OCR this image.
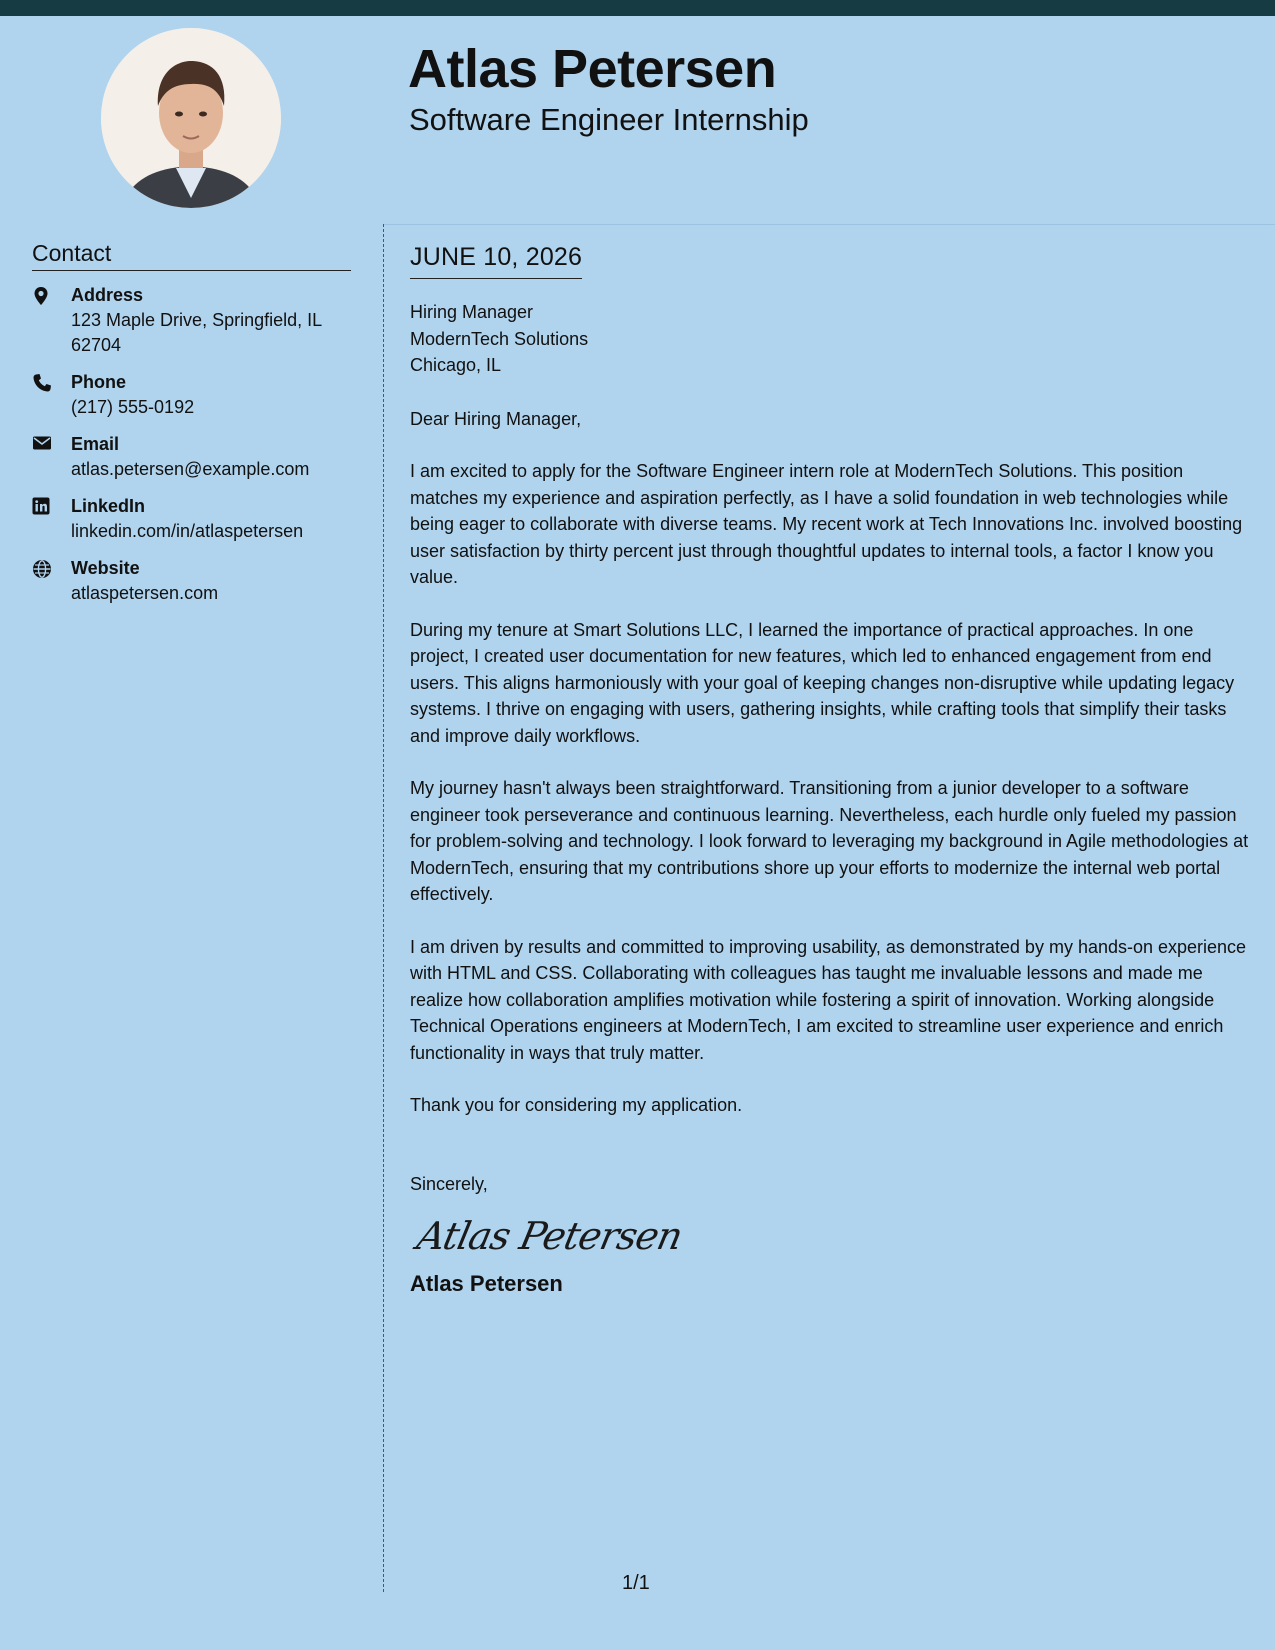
Atlas Petersen
Software Engineer Internship
Contact
Address
123 Maple Drive, Springfield, IL
62704
Phone
(217) 555-0192
Email
atlas.petersen@example.com
LinkedIn
linkedin.com/in/atlaspetersen
Website
atlaspetersen.com
JUNE 10, 2026
Hiring Manager
ModernTech Solutions
Chicago, IL
Dear Hiring Manager,
I am excited to apply for the Software Engineer intern role at ModernTech Solutions. This position matches my experience and aspiration perfectly, as I have a solid foundation in web technologies while being eager to collaborate with diverse teams. My recent work at Tech Innovations Inc. involved boosting user satisfaction by thirty percent just through thoughtful updates to internal tools, a factor I know you value.
During my tenure at Smart Solutions LLC, I learned the importance of practical approaches. In one project, I created user documentation for new features, which led to enhanced engagement from end users. This aligns harmoniously with your goal of keeping changes non-disruptive while updating legacy systems. I thrive on engaging with users, gathering insights, while crafting tools that simplify their tasks and improve daily workflows.
My journey hasn't always been straightforward. Transitioning from a junior developer to a software engineer took perseverance and continuous learning. Nevertheless, each hurdle only fueled my passion for problem-solving and technology. I look forward to leveraging my background in Agile methodologies at ModernTech, ensuring that my contributions shore up your efforts to modernize the internal web portal effectively.
I am driven by results and committed to improving usability, as demonstrated by my hands-on experience with HTML and CSS. Collaborating with colleagues has taught me invaluable lessons and made me realize how collaboration amplifies motivation while fostering a spirit of innovation. Working alongside Technical Operations engineers at ModernTech, I am excited to streamline user experience and enrich functionality in ways that truly matter.
Thank you for considering my application.
Sincerely,
Atlas Petersen
Atlas Petersen
1/1
